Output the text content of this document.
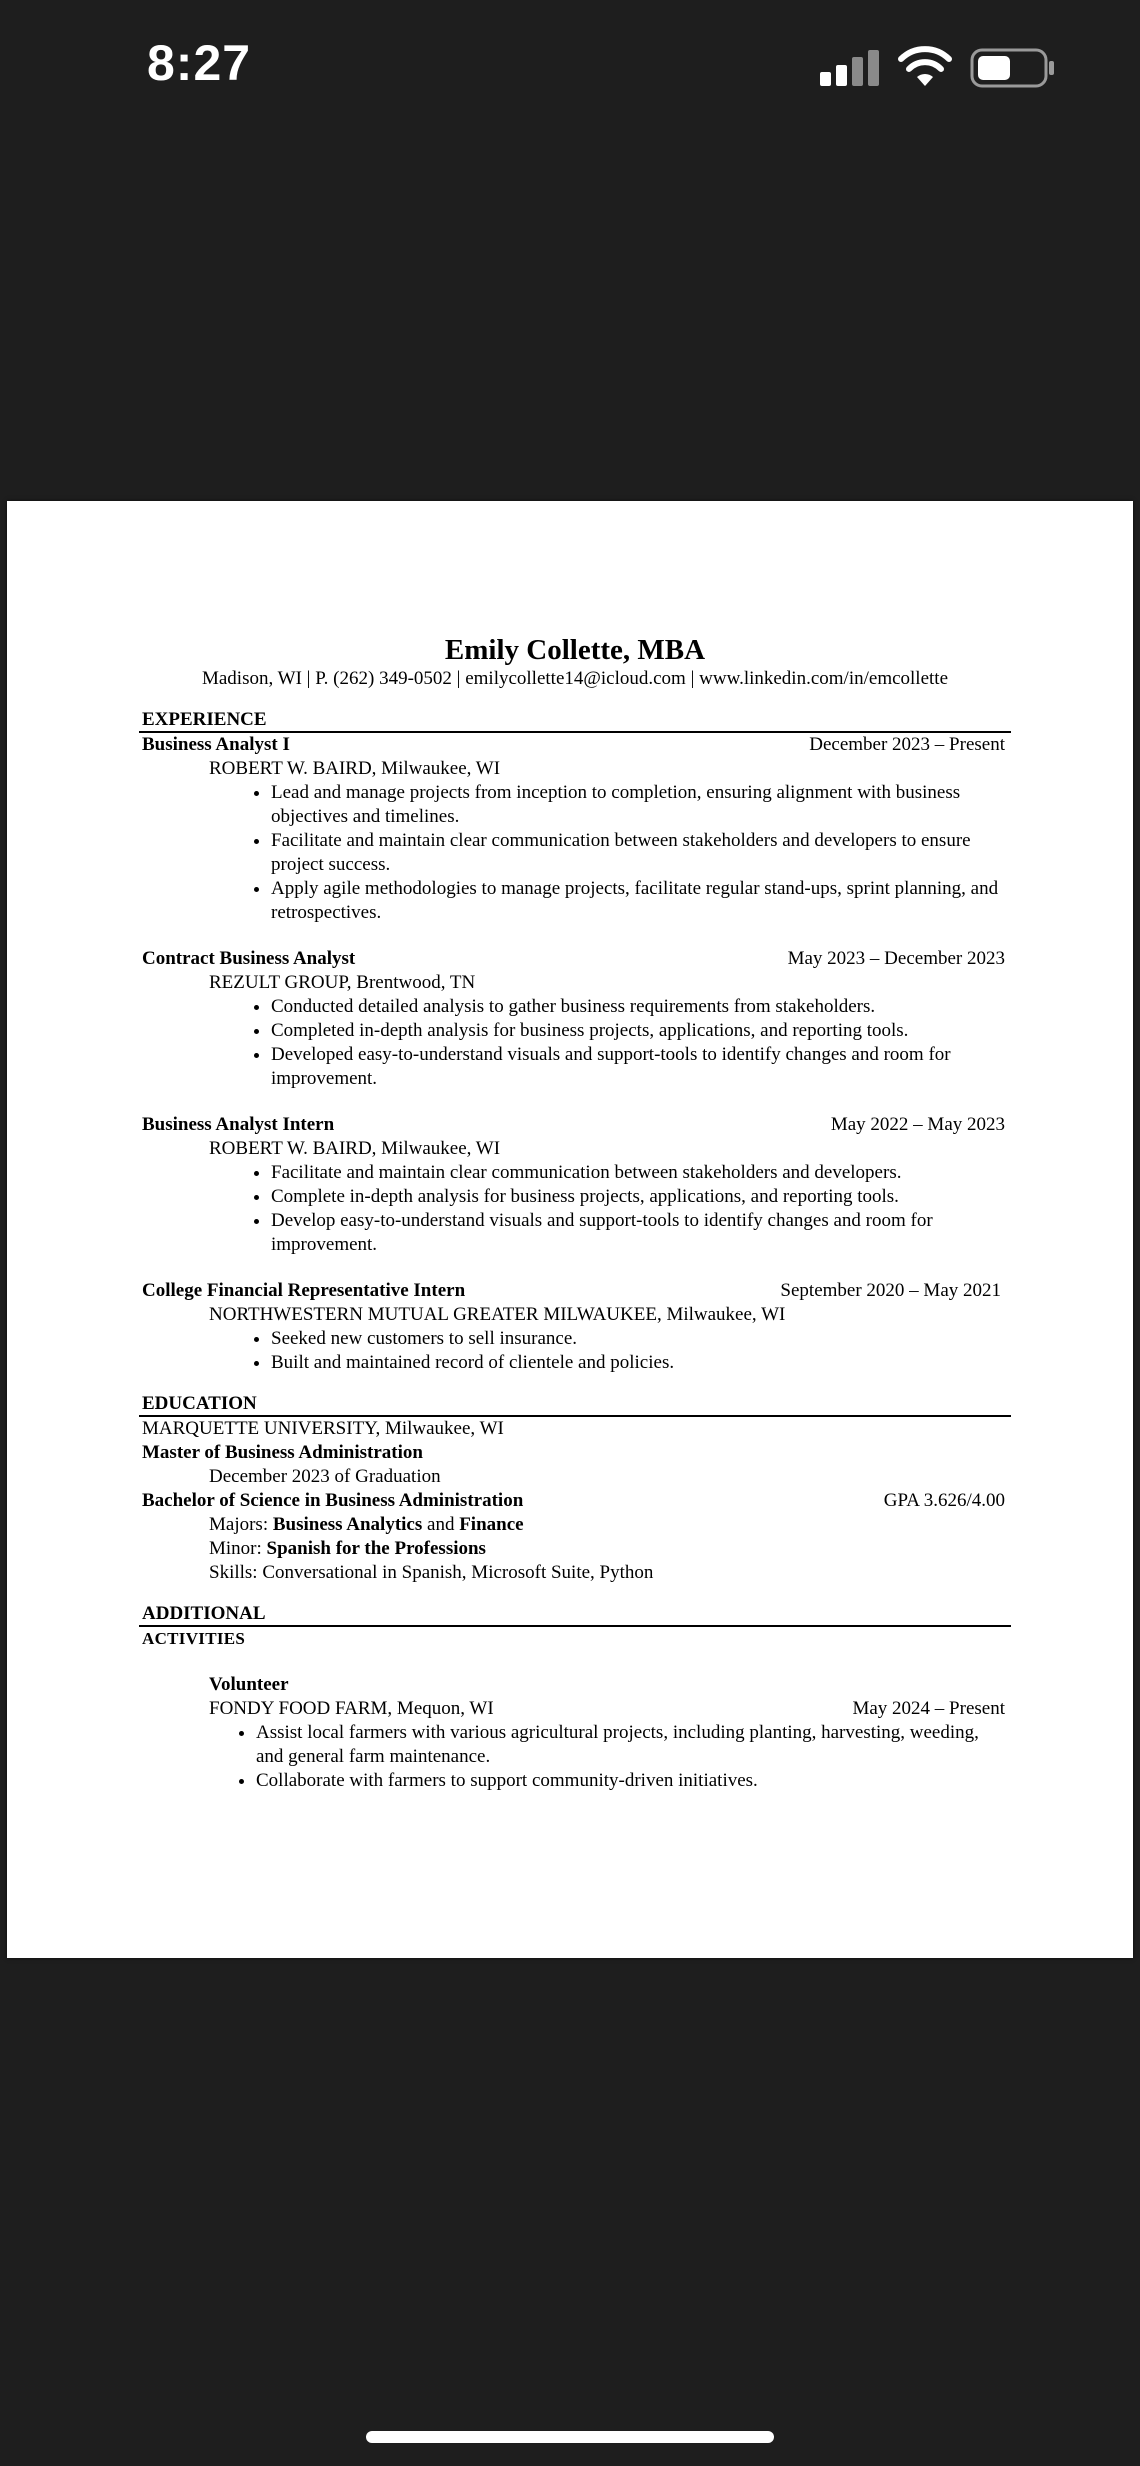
8:27
Emily Collette, MBA
Madison, WI | P. (262) 349-0502 | emilycollette14@icloud.com | www.linkedin.com/in/emcollette
EXPERIENCE
Business Analyst I	December 2023 – Present
ROBERT W. BAIRD, Milwaukee, WI
• Lead and manage projects from inception to completion, ensuring alignment with business objectives and timelines.
• Facilitate and maintain clear communication between stakeholders and developers to ensure project success.
• Apply agile methodologies to manage projects, facilitate regular stand-ups, sprint planning, and retrospectives.
Contract Business Analyst	May 2023 – December 2023
REZULT GROUP, Brentwood, TN
• Conducted detailed analysis to gather business requirements from stakeholders.
• Completed in-depth analysis for business projects, applications, and reporting tools.
• Developed easy-to-understand visuals and support-tools to identify changes and room for improvement.
Business Analyst Intern	May 2022 – May 2023
ROBERT W. BAIRD, Milwaukee, WI
• Facilitate and maintain clear communication between stakeholders and developers.
• Complete in-depth analysis for business projects, applications, and reporting tools.
• Develop easy-to-understand visuals and support-tools to identify changes and room for improvement.
College Financial Representative Intern	September 2020 – May 2021
NORTHWESTERN MUTUAL GREATER MILWAUKEE, Milwaukee, WI
• Seeked new customers to sell insurance.
• Built and maintained record of clientele and policies.
EDUCATION
MARQUETTE UNIVERSITY, Milwaukee, WI
Master of Business Administration
December 2023 of Graduation
Bachelor of Science in Business Administration	GPA 3.626/4.00
Majors: Business Analytics and Finance
Minor: Spanish for the Professions
Skills: Conversational in Spanish, Microsoft Suite, Python
ADDITIONAL
ACTIVITIES
Volunteer
FONDY FOOD FARM, Mequon, WI	May 2024 – Present
• Assist local farmers with various agricultural projects, including planting, harvesting, weeding, and general farm maintenance.
• Collaborate with farmers to support community-driven initiatives.
